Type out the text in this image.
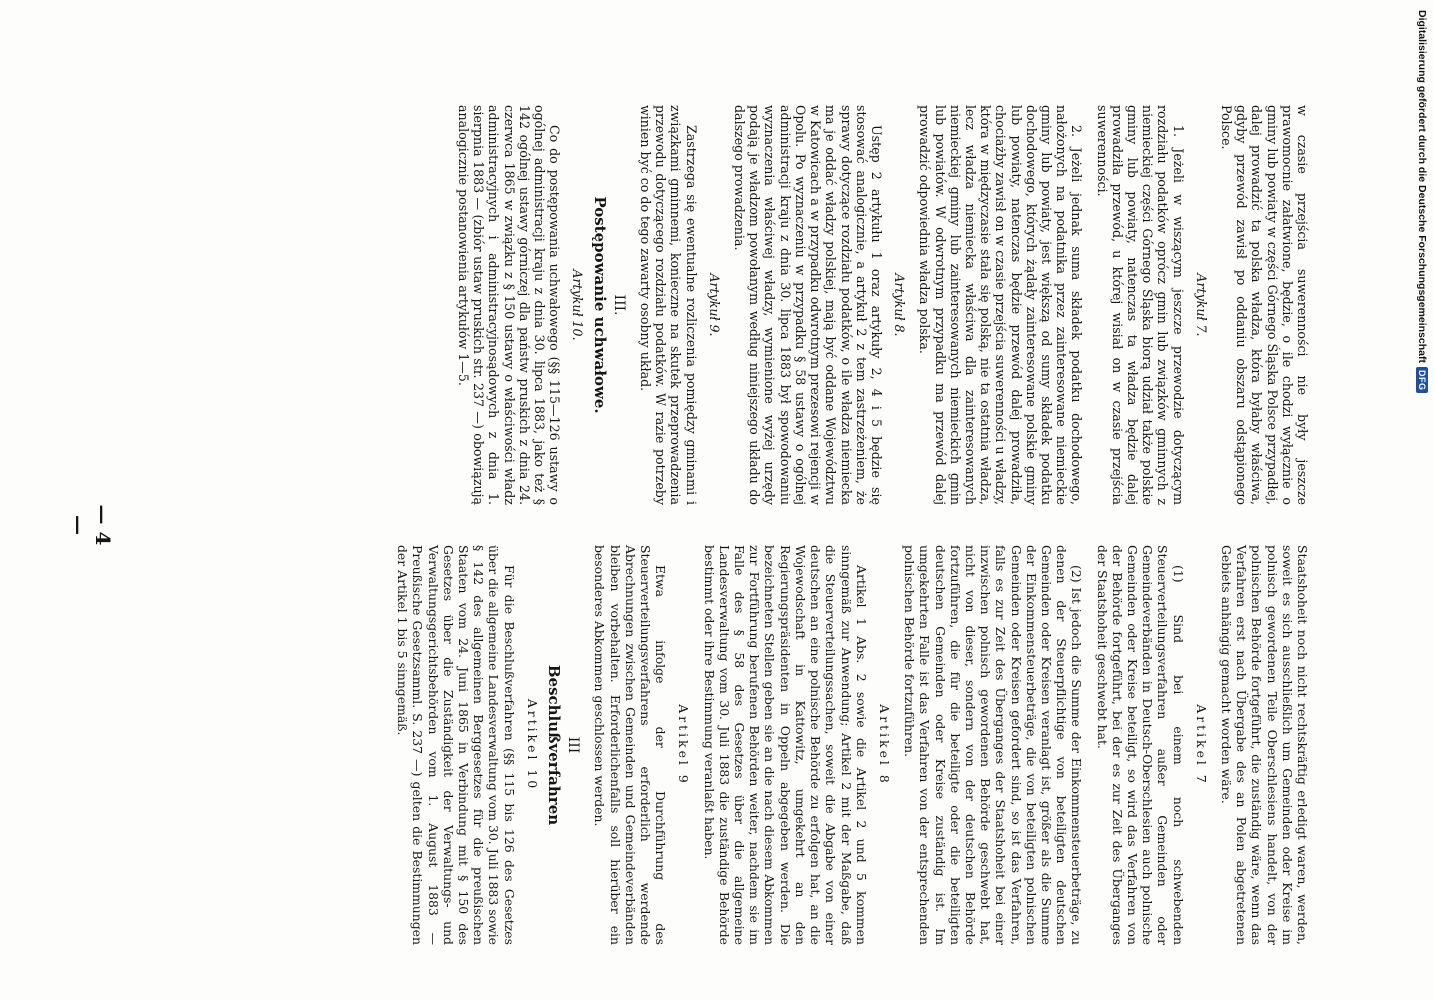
Digitalisierung gefördert durch die Deutsche Forschungsgemeinschaft
DFG

w czasie przejścia suwerenności nie były jeszcze prawomocnie załatwione, będzie, o ile chodzi wyłącznie o gminy lub powiaty w części Górnego Śląska Polsce przypadłej, dalej prowadzić ta polska władza, która byłaby właściwa, gdyby przewód zawisł po oddaniu obszaru odstąpionego Polsce.

Artykuł 7.

1. Jeżeli w wiszącym jeszcze przewodzie dotyczącym rozdziału podatków oprócz gmin lub związków gminnych z niemieckiej części Górnego Śląska biorą udział także polskie gminy lub powiaty, natenczas ta władza będzie dalej prowadziła przewód, u której wisiał on w czasie przejścia suwerenności.

2. Jeżeli jednak suma składek podatku dochodowego, nałożonych na podatnika przez zainteresowane niemieckie gminy lub powiaty, jest większą od sumy składek podatku dochodowego, których żądały zainteresowane polskie gminy lub powiaty, natenczas będzie przewód dalej prowadziła, chociażby zawisł on w czasie przejścia suwerenności u władzy, która w międzyczasie stała się polską, nie ta ostatnia władza, lecz władza niemiecka właściwa dla zainteresowanych niemieckiej gminy lub zainteresowanych niemieckich gmin lub powiatów. W odwrotnym przypadku ma przewód dalej prowadzić odpowiednia władza polska.

Artykuł 8.

Ustęp 2 artykułu 1 oraz artykuły 2, 4 i 5 będzie się stosować analogicznie, a artykuł 2 z tem zastrzeżeniem, że sprawy dotyczące rozdziału podatków, o ile władza niemiecka ma je oddać władzy polskiej, mają być oddane Województwu w Katowicach a w przypadku odwrotnym prezesowi rejencji w Opolu. Po wyznaczeniu w przypadku § 58 ustawy o ogólnej administracji kraju z dnia 30. lipca 1883 był spowodowaniu wyznaczenia właściwej władzy, wymienione wyżej urzędy podają je władzom powołanym według niniejszego układu do dalszego prowadzenia.

Artykuł 9.

Zastrzega się ewentualne rozliczenia pomiędzy gminami i związkami gminnemi, konieczne na skutek przeprowadzenia przewodu dotyczącego rozdziału podatków. W razie potrzeby winien być co do tego zawarty osobny układ.

III.
Postępowanie uchwałowe.
Artykuł 10.

Co do postępowania uchwałowego (§§ 115—126 ustawy o ogólnej administracji kraju z dnia 30. lipca 1883, jako też § 142 ogólnej ustawy górniczej dla państw pruskich z dnia 24. czerwca 1865 w związku z § 150 ustawy o właściwości władz administracyjnych i administracyjnosądowych z dnia 1. sierpnia 1883 — (zbiór ustaw pruskich str. 237 —) obowiązują analogicznie postanowienia artykułów 1—5.

Staatshoheit noch nicht rechtskräftig erledigt waren, werden, soweit es sich ausschließlich um Gemeinden oder Kreise im polnisch gewordenen Teile Oberschlesiens handelt, von der polnischen Behörde fortgeführt, die zuständig wäre, wenn das Verfahren erst nach Übergabe des an Polen abgetretenen Gebiets anhängig gemacht worden wäre.

Artikel 7

(1) Sind bei einem noch schwebenden Steuerverteilungsverfahren außer Gemeinden oder Gemeindeverbänden in Deutsch-Oberschlesien auch polnische Gemeinden oder Kreise beteiligt, so wird das Verfahren von der Behörde fortgeführt, bei der es zur Zeit des Überganges der Staatshoheit geschwebt hat.

(2) Ist jedoch die Summe der Einkommensteuerbeträge, zu denen der Steuerpflichtige von beteiligten deutschen Gemeinden oder Kreisen veranlagt ist, größer als die Summe der Einkommensteuerbeträge, die von beteiligten polnischen Gemeinden oder Kreisen gefordert sind, so ist das Verfahren, falls es zur Zeit des Überganges der Staatshoheit bei einer inzwischen polnisch gewordenen Behörde geschwebt hat, nicht von dieser, sondern von der deutschen Behörde fortzuführen, die für die beteiligte oder die beteiligten deutschen Gemeinden oder Kreise zuständig ist. Im umgekehrten Falle ist das Verfahren von der entsprechenden polnischen Behörde fortzuführen.

Artikel 8

Artikel 1 Abs. 2 sowie die Artikel 2 und 5 kommen sinngemäß zur Anwendung; Artikel 2 mit der Maßgabe, daß die Steuerverteilungssachen, soweit die Abgabe von einer deutschen an eine polnische Behörde zu erfolgen hat, an die Wojewodschaft in Kattowitz, umgekehrt an den Regierungspräsidenten in Oppeln abgegeben werden. Die bezeichneten Stellen geben sie an die nach diesem Abkommen zur Fortführung berufenen Behörden weiter, nachdem sie im Falle des § 58 des Gesetzes über die allgemeine Landesverwaltung vom 30. Juli 1883 die zuständige Behörde bestimmt oder ihre Bestimmung veranlaßt haben.

Artikel 9

Etwa infolge der Durchführung des Steuerverteilungsverfahrens erforderlich werdende Abrechnungen zwischen Gemeinden und Gemeindeverbänden bleiben vorbehalten. Erforderlichenfalls soll hierüber ein besonderes Abkommen geschlossen werden.

III
Beschlußverfahren
Artikel 10

Für die Beschlußverfahren (§§ 115 bis 126 des Gesetzes über die allgemeine Landesverwaltung vom 30. Juli 1883 sowie § 142 des allgemeinen Berggesetzes für die preußischen Staaten vom 24. Juni 1865 in Verbindung mit § 150 des Gesetzes über die Zuständigkeit der Verwaltungs- und Verwaltungsgerichtsbehörden vom 1. August 1883 — Preußische Gesetzsamml. S. 237 —) gelten die Bestimmungen der Artikel 1 bis 5 sinngemäß.

— 4 —
